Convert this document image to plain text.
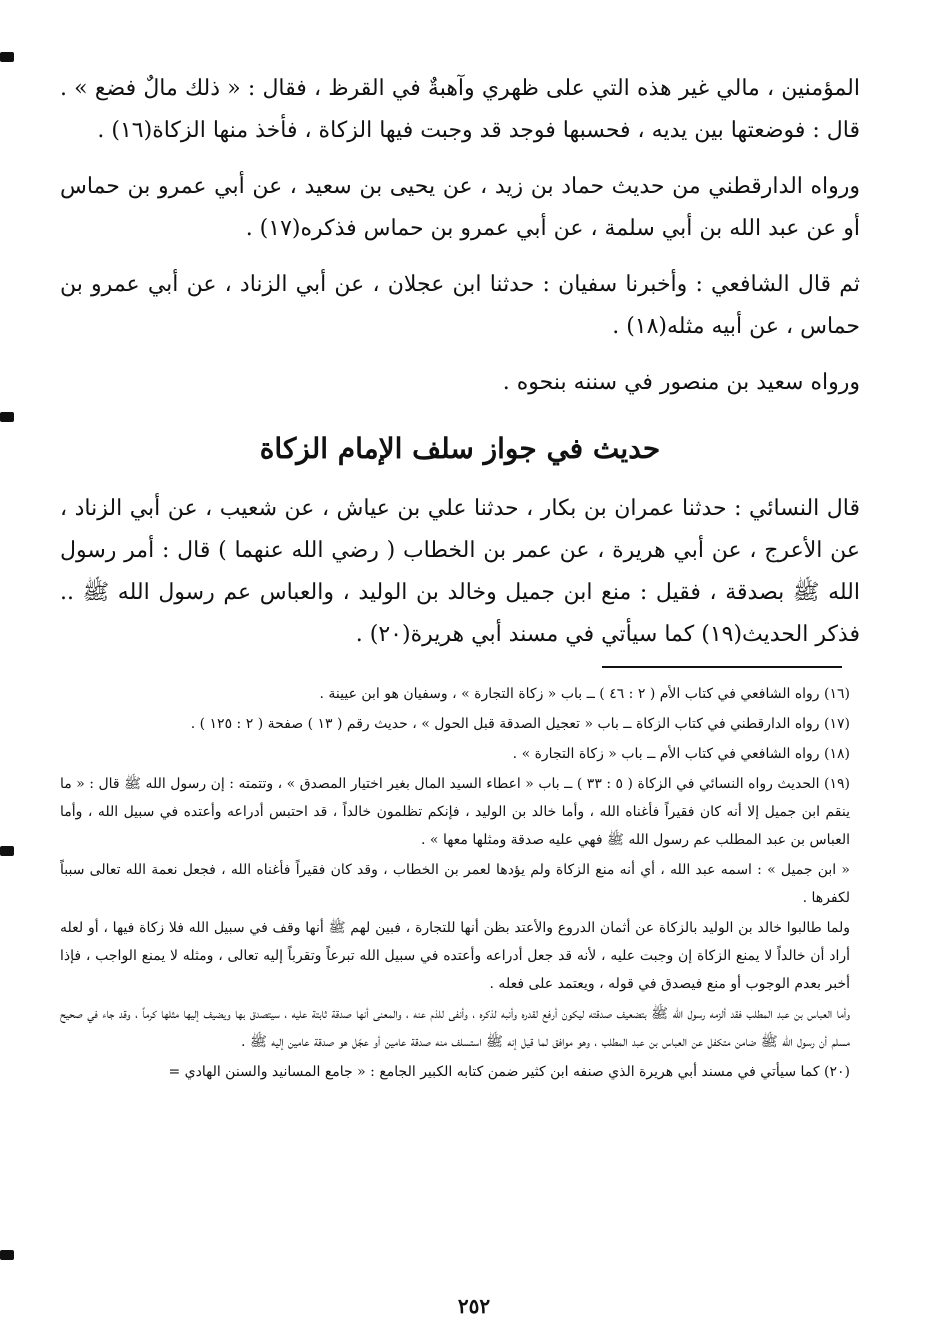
المؤمنين ، مالي غير هذه التي على ظهري وآهبةٌ في القرظ ، فقال : « ذلك مالٌ فضع » . قال : فوضعتها بين يديه ، فحسبها فوجد قد وجبت فيها الزكاة ، فأخذ منها الزكاة(١٦) .

ورواه الدارقطني من حديث حماد بن زيد ، عن يحيى بن سعيد ، عن أبي عمرو بن حماس أو عن عبد الله بن أبي سلمة ، عن أبي عمرو بن حماس فذكره(١٧) .

ثم قال الشافعي : وأخبرنا سفيان : حدثنا ابن عجلان ، عن أبي الزناد ، عن أبي عمرو بن حماس ، عن أبيه مثله(١٨) .

ورواه سعيد بن منصور في سننه بنحوه .

حديث في جواز سلف الإمام الزكاة

قال النسائي : حدثنا عمران بن بكار ، حدثنا علي بن عياش ، عن شعيب ، عن أبي الزناد ، عن الأعرج ، عن أبي هريرة ، عن عمر بن الخطاب ( رضي الله عنهما ) قال : أمر رسول الله ﷺ بصدقة ، فقيل : منع ابن جميل وخالد بن الوليد ، والعباس عم رسول الله ﷺ .. فذكر الحديث(١٩) كما سيأتي في مسند أبي هريرة(٢٠) .

(١٦) رواه الشافعي في كتاب الأم ( ٢ : ٤٦ ) ــ باب « زكاة التجارة » ، وسفيان هو ابن عيينة .

(١٧) رواه الدارقطني في كتاب الزكاة ــ باب « تعجيل الصدقة قبل الحول » ، حديث رقم ( ١٣ ) صفحة ( ٢ : ١٢٥ ) .

(١٨) رواه الشافعي في كتاب الأم ــ باب « زكاة التجارة » .

(١٩) الحديث رواه النسائي في الزكاة ( ٥ : ٣٣ ) ــ باب « اعطاء السيد المال بغير اختيار المصدق » ، وتتمته : إن رسول الله ﷺ قال : « ما ينقم ابن جميل إلا أنه كان فقيراً فأغناه الله ، وأما خالد بن الوليد ، فإنكم تظلمون خالداً ، قد احتبس أدراعه وأعتده في سبيل الله ، وأما العباس بن عبد المطلب عم رسول الله ﷺ فهي عليه صدقة ومثلها معها » .

« ابن جميل » : اسمه عبد الله ، أي أنه منع الزكاة ولم يؤدها لعمر بن الخطاب ، وقد كان فقيراً فأغناه الله ، فجعل نعمة الله تعالى سبباً لكفرها .

ولما طالبوا خالد بن الوليد بالزكاة عن أثمان الدروع والأعتد بظن أنها للتجارة ، فبين لهم ﷺ أنها وقف في سبيل الله فلا زكاة فيها ، أو لعله أراد أن خالداً لا يمنع الزكاة إن وجبت عليه ، لأنه قد جعل أدراعه وأعتده في سبيل الله تبرعاً وتقرباً إليه تعالى ، ومثله لا يمنع الواجب ، فإذا أخبر بعدم الوجوب أو منع فيصدق في قوله ، ويعتمد على فعله .

وأما العباس بن عبد المطلب فقد ألزمه رسول الله ﷺ بتضعيف صدقته ليكون أرفع لقدره وأنبه لذكره ، وأنفى للذم عنه ، والمعنى أنها صدقة ثابتة عليه ، سيتصدق بها ويضيف إليها مثلها كرماً ، وقد جاء في صحيح مسلم أن رسول الله ﷺ ضامن متكفل عن العباس بن عبد المطلب ، وهو موافق لما قيل إنه ﷺ استسلف منه صدقة عامين أو عجّل هو صدقة عامين إليه ﷺ .

(٢٠) كما سيأتي في مسند أبي هريرة الذي صنفه ابن كثير ضمن كتابه الكبير الجامع : « جامع المسانيد والسنن الهادي =

٢٥٢
